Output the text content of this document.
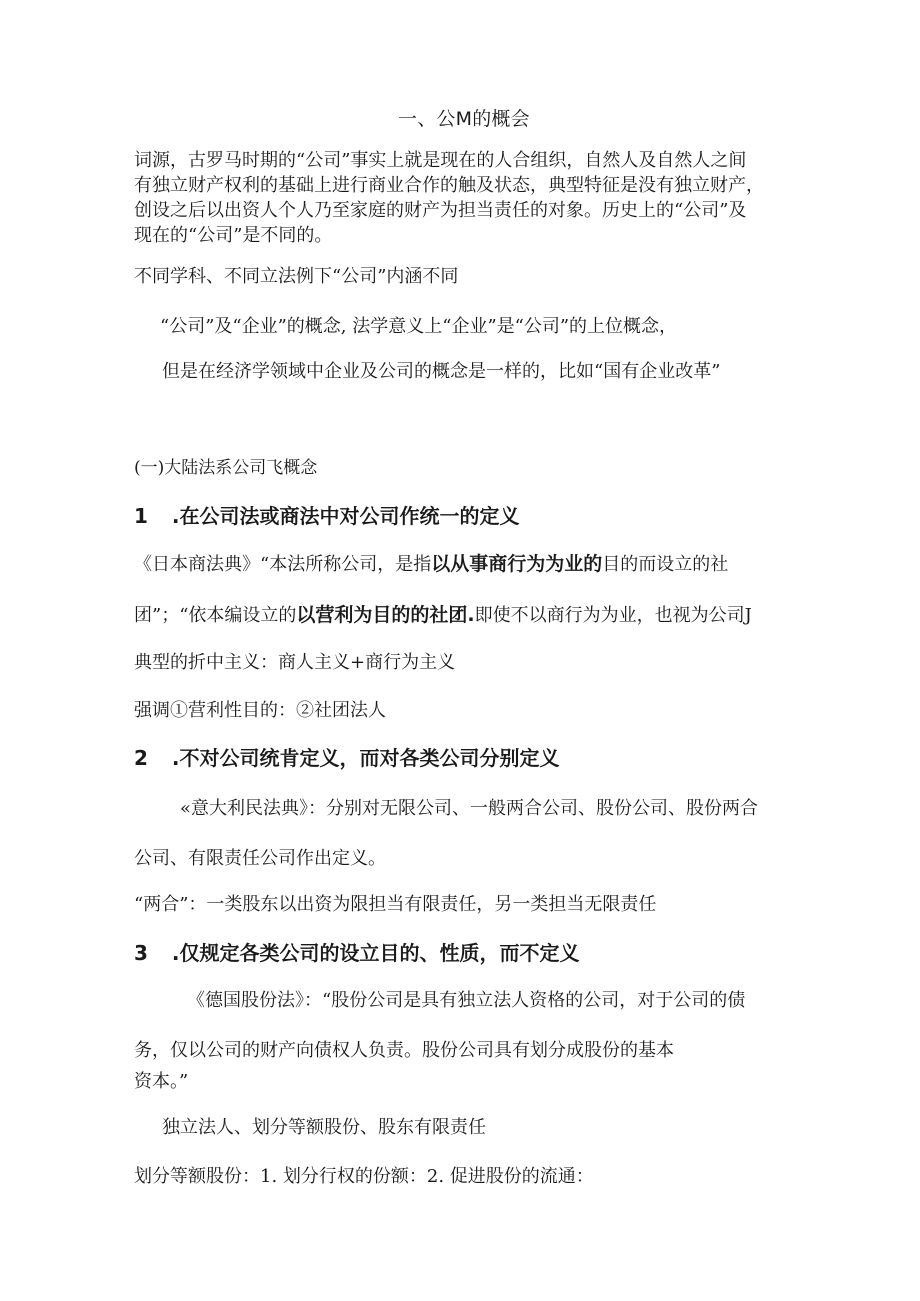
一、公M的概会
词源，古罗马时期的“公司”事实上就是现在的人合组织，自然人及自然人之间
有独立财产权利的基础上进行商业合作的触及状态，典型特征是没有独立财产，
创设之后以出资人个人乃至家庭的财产为担当责任的对象。历史上的“公司”及
现在的“公司”是不同的。
不同学科、不同立法例下“公司”内涵不同
“公司”及“企业”的概念, 法学意义上“企业”是“公司”的上位概念，
但是在经济学领域中企业及公司的概念是一样的，比如“国有企业改革”
(一)大陆法系公司飞概念
1 .在公司法或商法中对公司作统一的定义
《日本商法典》“本法所称公司，是指以从事商行为为业的目的而设立的社
团”；“依本编设立的以营利为目的的社团.即使不以商行为为业，也视为公司J
典型的折中主义：商人主义+商行为主义
强调①营利性目的：②社团法人
2 .不对公司统肯定义，而对各类公司分别定义
«意大利民法典》：分别对无限公司、一般两合公司、股份公司、股份两合
公司、有限责任公司作出定义。
“两合”：一类股东以出资为限担当有限责任，另一类担当无限责任
3 .仅规定各类公司的设立目的、性质，而不定义
《德国股份法》：“股份公司是具有独立法人资格的公司，对于公司的债
务，仅以公司的财产向债权人负责。股份公司具有划分成股份的基本
资本。”
独立法人、划分等额股份、股东有限责任
划分等额股份：1. 划分行权的份额：2. 促进股份的流通：
